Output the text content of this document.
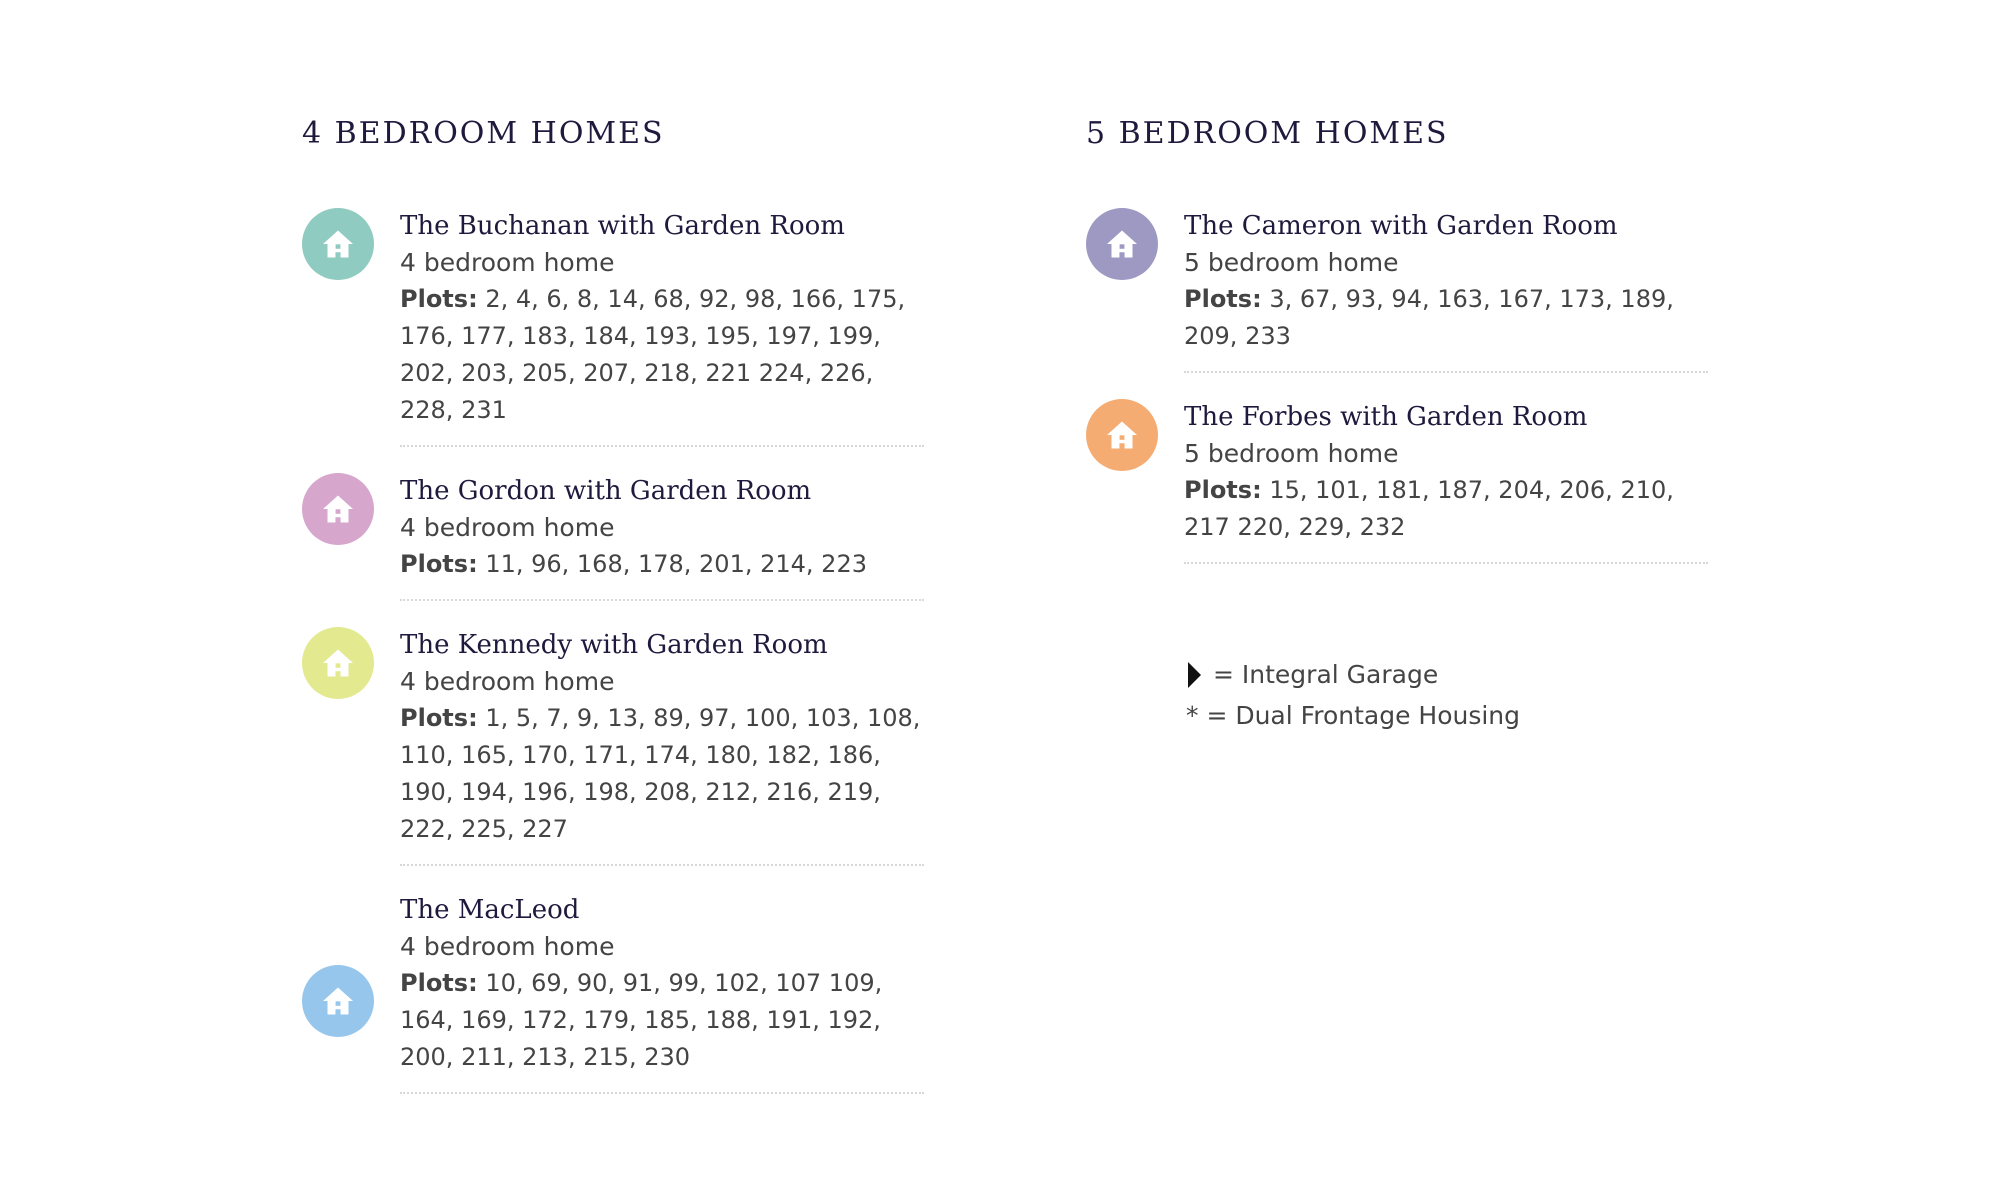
4 BEDROOM HOMES
The Buchanan with Garden Room
4 bedroom home
Plots: 2, 4, 6, 8, 14, 68, 92, 98, 166, 175, 176, 177, 183, 184, 193, 195, 197, 199, 202, 203, 205, 207, 218, 221 224, 226, 228, 231
The Gordon with Garden Room
4 bedroom home
Plots: 11, 96, 168, 178, 201, 214, 223
The Kennedy with Garden Room
4 bedroom home
Plots: 1, 5, 7, 9, 13, 89, 97, 100, 103, 108, 110, 165, 170, 171, 174, 180, 182, 186, 190, 194, 196, 198, 208, 212, 216, 219, 222, 225, 227
The MacLeod
4 bedroom home
Plots: 10, 69, 90, 91, 99, 102, 107 109, 164, 169, 172, 179, 185, 188, 191, 192, 200, 211, 213, 215, 230
5 BEDROOM HOMES
The Cameron with Garden Room
5 bedroom home
Plots: 3, 67, 93, 94, 163, 167, 173, 189, 209, 233
The Forbes with Garden Room
5 bedroom home
Plots: 15, 101, 181, 187, 204, 206, 210, 217 220, 229, 232
= Integral Garage
* = Dual Frontage Housing
